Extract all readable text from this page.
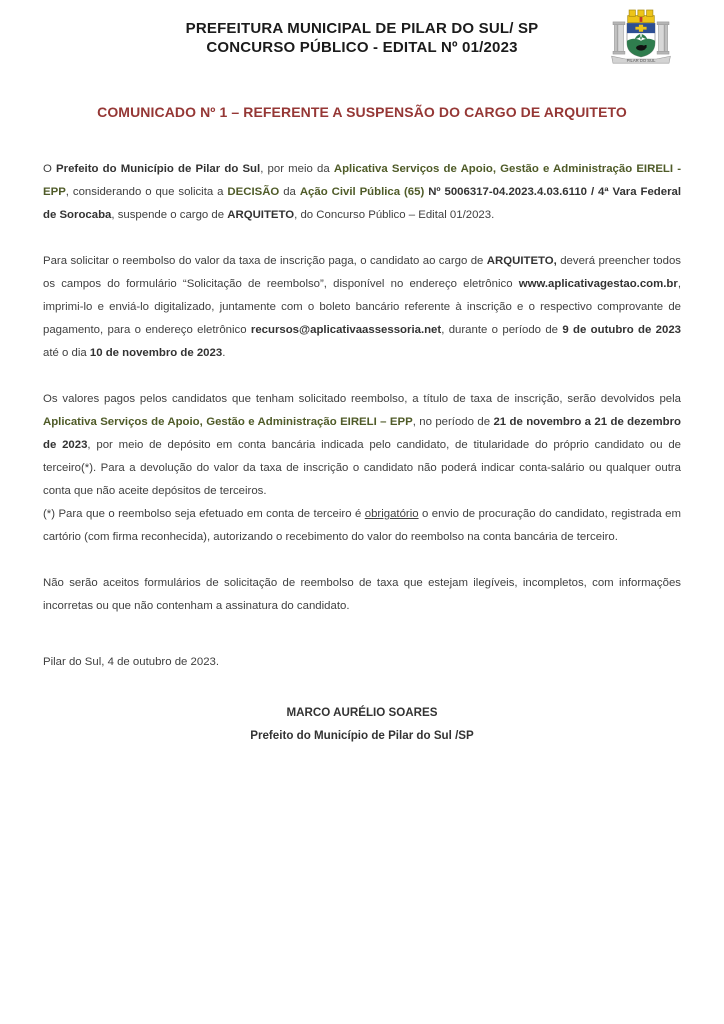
PREFEITURA MUNICIPAL DE PILAR DO SUL/ SP
CONCURSO PÚBLICO - EDITAL Nº 01/2023
PILAR DO SUL
COMUNICADO Nº 1 – REFERENTE A SUSPENSÃO DO CARGO DE ARQUITETO

O Prefeito do Município de Pilar do Sul, por meio da Aplicativa Serviços de Apoio, Gestão e Administração EIRELI - EPP, considerando o que solicita a DECISÃO da Ação Civil Pública (65) Nº 5006317-04.2023.4.03.6110 / 4ª Vara Federal de Sorocaba, suspende o cargo de ARQUITETO, do Concurso Público – Edital 01/2023.

Para solicitar o reembolso do valor da taxa de inscrição paga, o candidato ao cargo de ARQUITETO, deverá preencher todos os campos do formulário “Solicitação de reembolso”, disponível no endereço eletrônico www.aplicativagestao.com.br, imprimi-lo e enviá-lo digitalizado, juntamente com o boleto bancário referente à inscrição e o respectivo comprovante de pagamento, para o endereço eletrônico recursos@aplicativaassessoria.net, durante o período de 9 de outubro de 2023 até o dia 10 de novembro de 2023.

Os valores pagos pelos candidatos que tenham solicitado reembolso, a título de taxa de inscrição, serão devolvidos pela Aplicativa Serviços de Apoio, Gestão e Administração EIRELI – EPP, no período de 21 de novembro a 21 de dezembro de 2023, por meio de depósito em conta bancária indicada pelo candidato, de titularidade do próprio candidato ou de terceiro(*). Para a devolução do valor da taxa de inscrição o candidato não poderá indicar conta-salário ou qualquer outra conta que não aceite depósitos de terceiros.

(*) Para que o reembolso seja efetuado em conta de terceiro é obrigatório o envio de procuração do candidato, registrada em cartório (com firma reconhecida), autorizando o recebimento do valor do reembolso na conta bancária de terceiro.

Não serão aceitos formulários de solicitação de reembolso de taxa que estejam ilegíveis, incompletos, com informações incorretas ou que não contenham a assinatura do candidato.

Pilar do Sul, 4 de outubro de 2023.

MARCO AURÉLIO SOARES
Prefeito do Município de Pilar do Sul /SP
